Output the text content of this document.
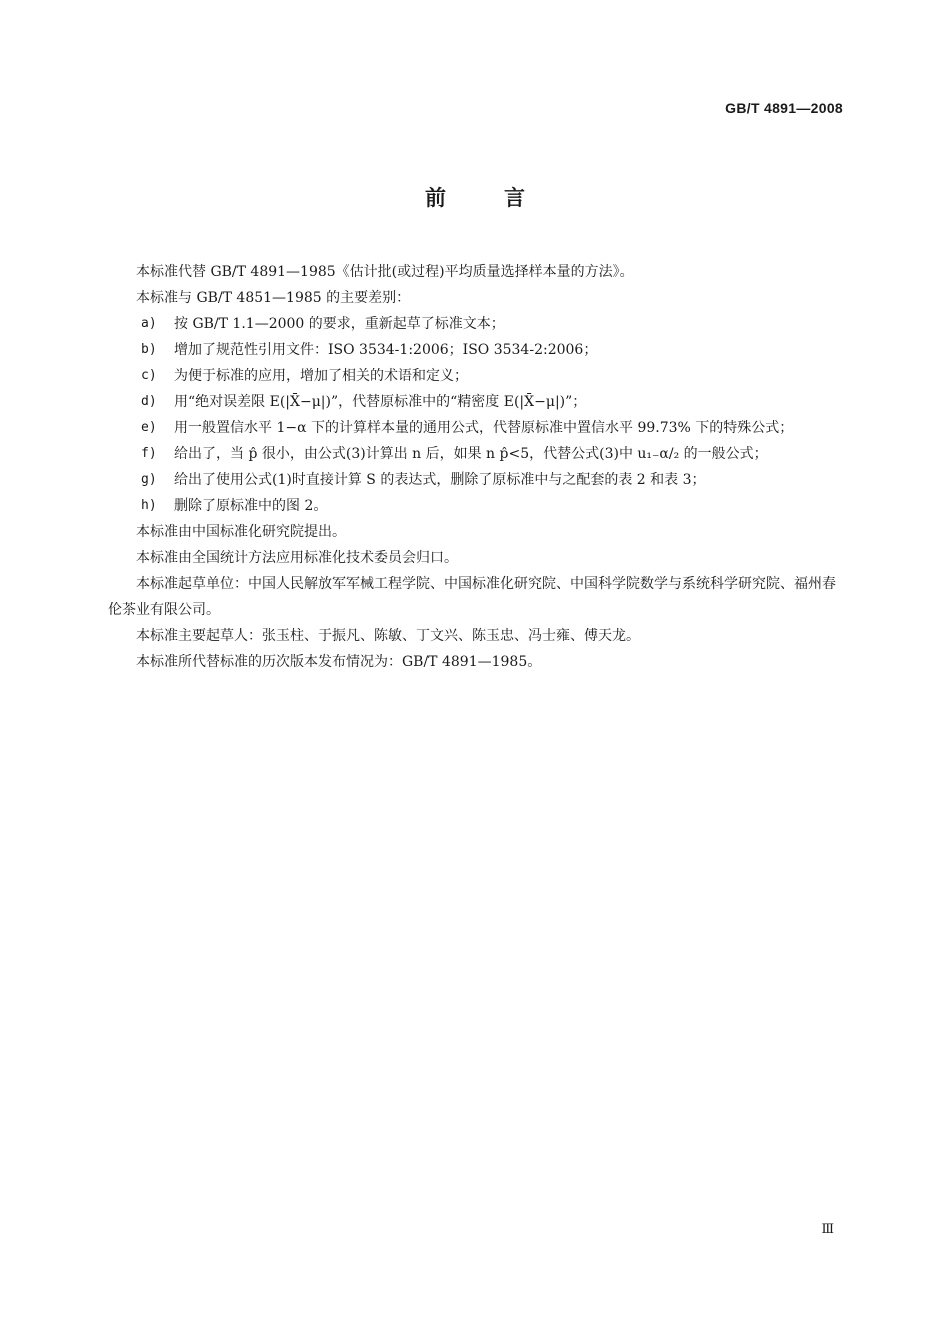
GB/T 4891—2008
前言

本标准代替 GB/T 4891—1985《估计批(或过程)平均质量选择样本量的方法》。

本标准与 GB/T 4851—1985 的主要差别：

a)	按 GB/T 1.1—2000 的要求，重新起草了标准文本；
b)	增加了规范性引用文件：ISO 3534-1:2006；ISO 3534-2:2006；
c)	为便于标准的应用，增加了相关的术语和定义；
d)	用“绝对误差限 E(|X̄−μ|)”，代替原标准中的“精密度 E(|X̄−μ|)”；
e)	用一般置信水平 1−α 下的计算样本量的通用公式，代替原标准中置信水平 99.73% 下的特殊公式；
f)	给出了，当 p̂ 很小，由公式(3)计算出 n 后，如果 n p̂<5，代替公式(3)中 u₁₋α/₂ 的一般公式；
g)	给出了使用公式(1)时直接计算 S 的表达式，删除了原标准中与之配套的表 2 和表 3；
h)	删除了原标准中的图 2。

本标准由中国标准化研究院提出。

本标准由全国统计方法应用标准化技术委员会归口。

本标准起草单位：中国人民解放军军械工程学院、中国标准化研究院、中国科学院数学与系统科学研究院、福州春伦茶业有限公司。

本标准主要起草人：张玉柱、于振凡、陈敏、丁文兴、陈玉忠、冯士雍、傅天龙。

本标准所代替标准的历次版本发布情况为：GB/T 4891—1985。

Ⅲ
